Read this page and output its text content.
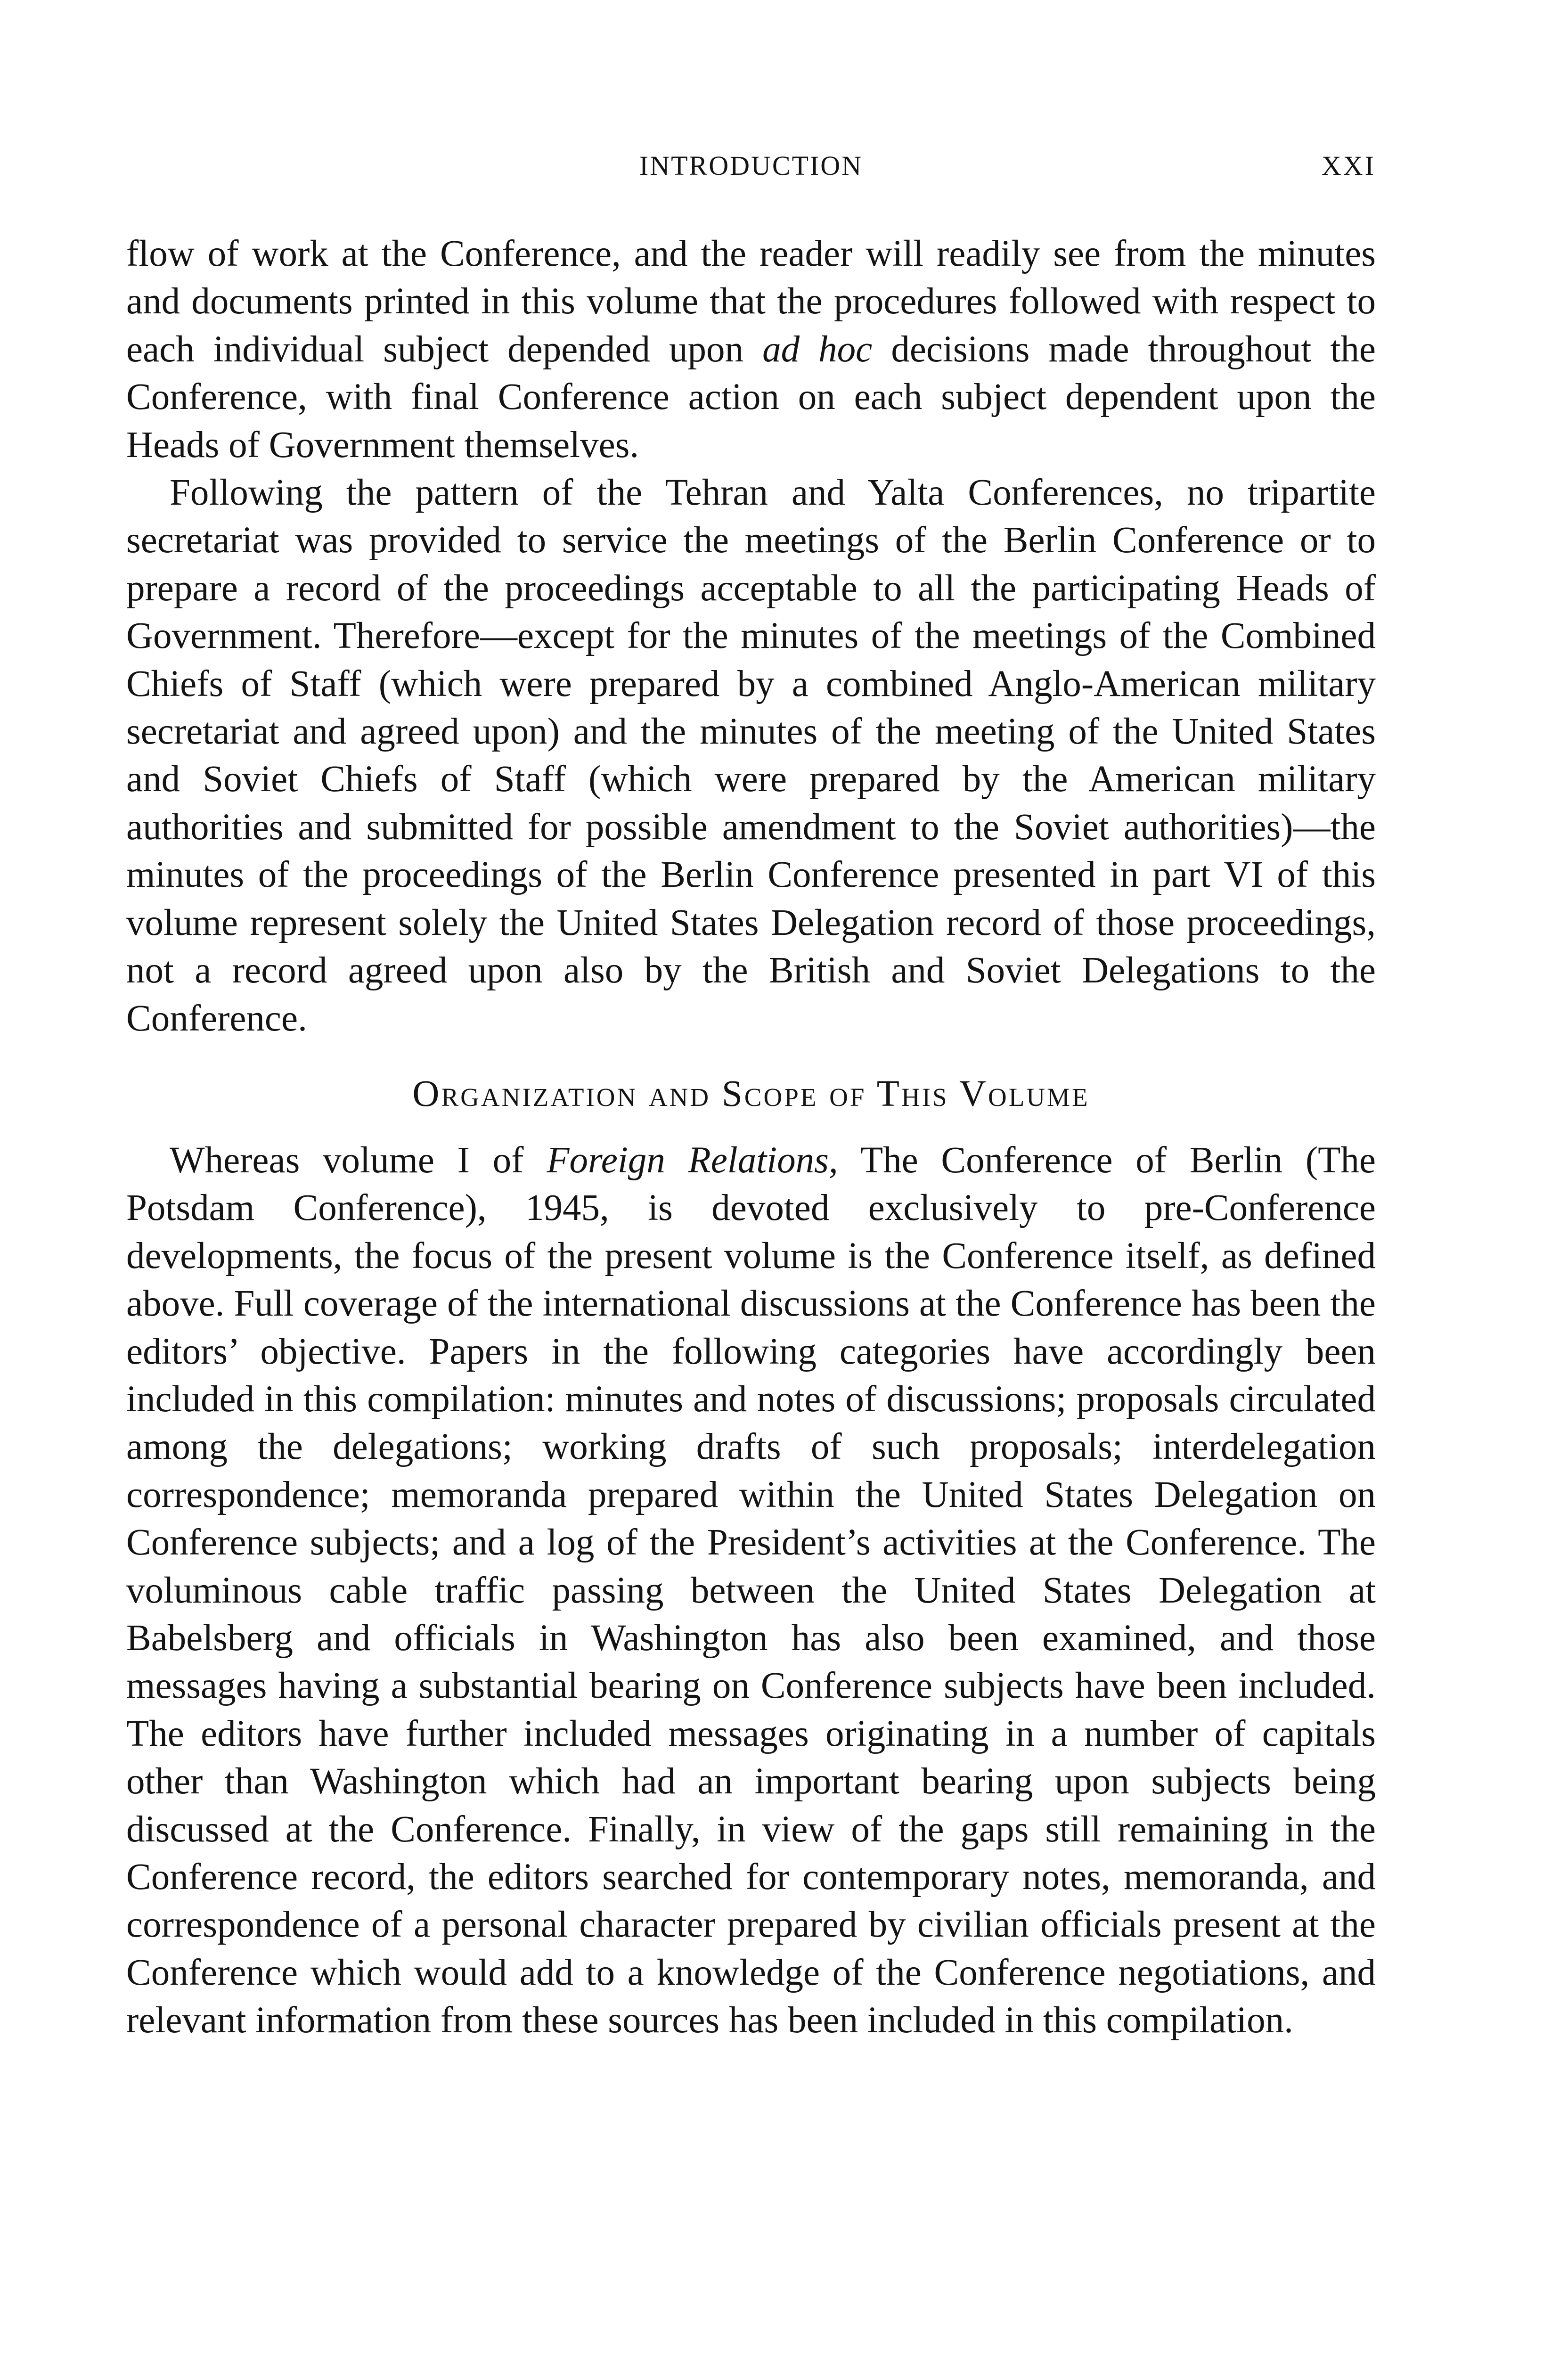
INTRODUCTION	XXI

flow of work at the Conference, and the reader will readily see from the minutes and documents printed in this volume that the procedures followed with respect to each individual subject depended upon ad hoc decisions made throughout the Conference, with final Conference action on each subject dependent upon the Heads of Government themselves.

Following the pattern of the Tehran and Yalta Conferences, no tripartite secretariat was provided to service the meetings of the Berlin Conference or to prepare a record of the proceedings acceptable to all the participating Heads of Government. Therefore—except for the minutes of the meetings of the Combined Chiefs of Staff (which were prepared by a combined Anglo-American military secretariat and agreed upon) and the minutes of the meeting of the United States and Soviet Chiefs of Staff (which were prepared by the American military authorities and submitted for possible amendment to the Soviet authorities)—the minutes of the proceedings of the Berlin Conference presented in part VI of this volume represent solely the United States Delegation record of those proceedings, not a record agreed upon also by the British and Soviet Delegations to the Conference.

Organization and Scope of This Volume

Whereas volume I of Foreign Relations, The Conference of Berlin (The Potsdam Conference), 1945, is devoted exclusively to pre-Conference developments, the focus of the present volume is the Conference itself, as defined above. Full coverage of the international discussions at the Conference has been the editors’ objective. Papers in the following categories have accordingly been included in this compilation: minutes and notes of discussions; proposals circulated among the delegations; working drafts of such proposals; interdelegation correspondence; memoranda prepared within the United States Delegation on Conference subjects; and a log of the President’s activities at the Conference. The voluminous cable traffic passing between the United States Delegation at Babelsberg and officials in Washington has also been examined, and those messages having a substantial bearing on Conference subjects have been included. The editors have further included messages originating in a number of capitals other than Washington which had an important bearing upon subjects being discussed at the Conference. Finally, in view of the gaps still remaining in the Conference record, the editors searched for contemporary notes, memoranda, and correspondence of a personal character prepared by civilian officials present at the Conference which would add to a knowledge of the Conference negotiations, and relevant information from these sources has been included in this compilation.
